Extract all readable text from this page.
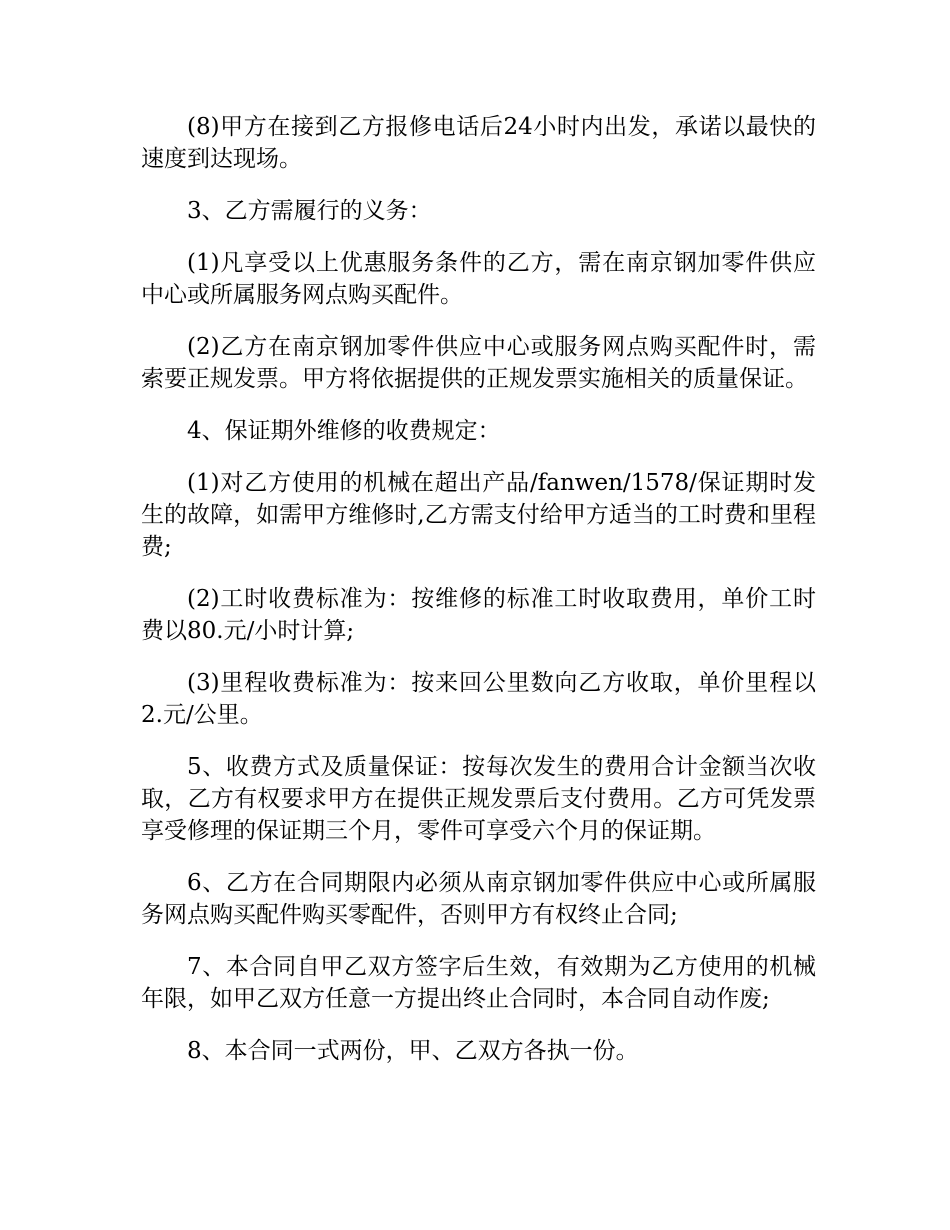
(8)甲方在接到乙方报修电话后24小时内出发，承诺以最快的速度到达现场。

3、乙方需履行的义务：

(1)凡享受以上优惠服务条件的乙方，需在南京钢加零件供应中心或所属服务网点购买配件。

(2)乙方在南京钢加零件供应中心或服务网点购买配件时，需索要正规发票。甲方将依据提供的正规发票实施相关的质量保证。

4、保证期外维修的收费规定：

(1)对乙方使用的机械在超出产品/fanwen/1578/保证期时发生的故障，如需甲方维修时,乙方需支付给甲方适当的工时费和里程费;

(2)工时收费标准为：按维修的标准工时收取费用，单价工时费以80.元/小时计算;

(3)里程收费标准为：按来回公里数向乙方收取，单价里程以2.元/公里。

5、收费方式及质量保证：按每次发生的费用合计金额当次收取，乙方有权要求甲方在提供正规发票后支付费用。乙方可凭发票享受修理的保证期三个月，零件可享受六个月的保证期。

6、乙方在合同期限内必须从南京钢加零件供应中心或所属服务网点购买配件购买零配件，否则甲方有权终止合同;

7、本合同自甲乙双方签字后生效，有效期为乙方使用的机械年限，如甲乙双方任意一方提出终止合同时，本合同自动作废;

8、本合同一式两份，甲、乙双方各执一份。
